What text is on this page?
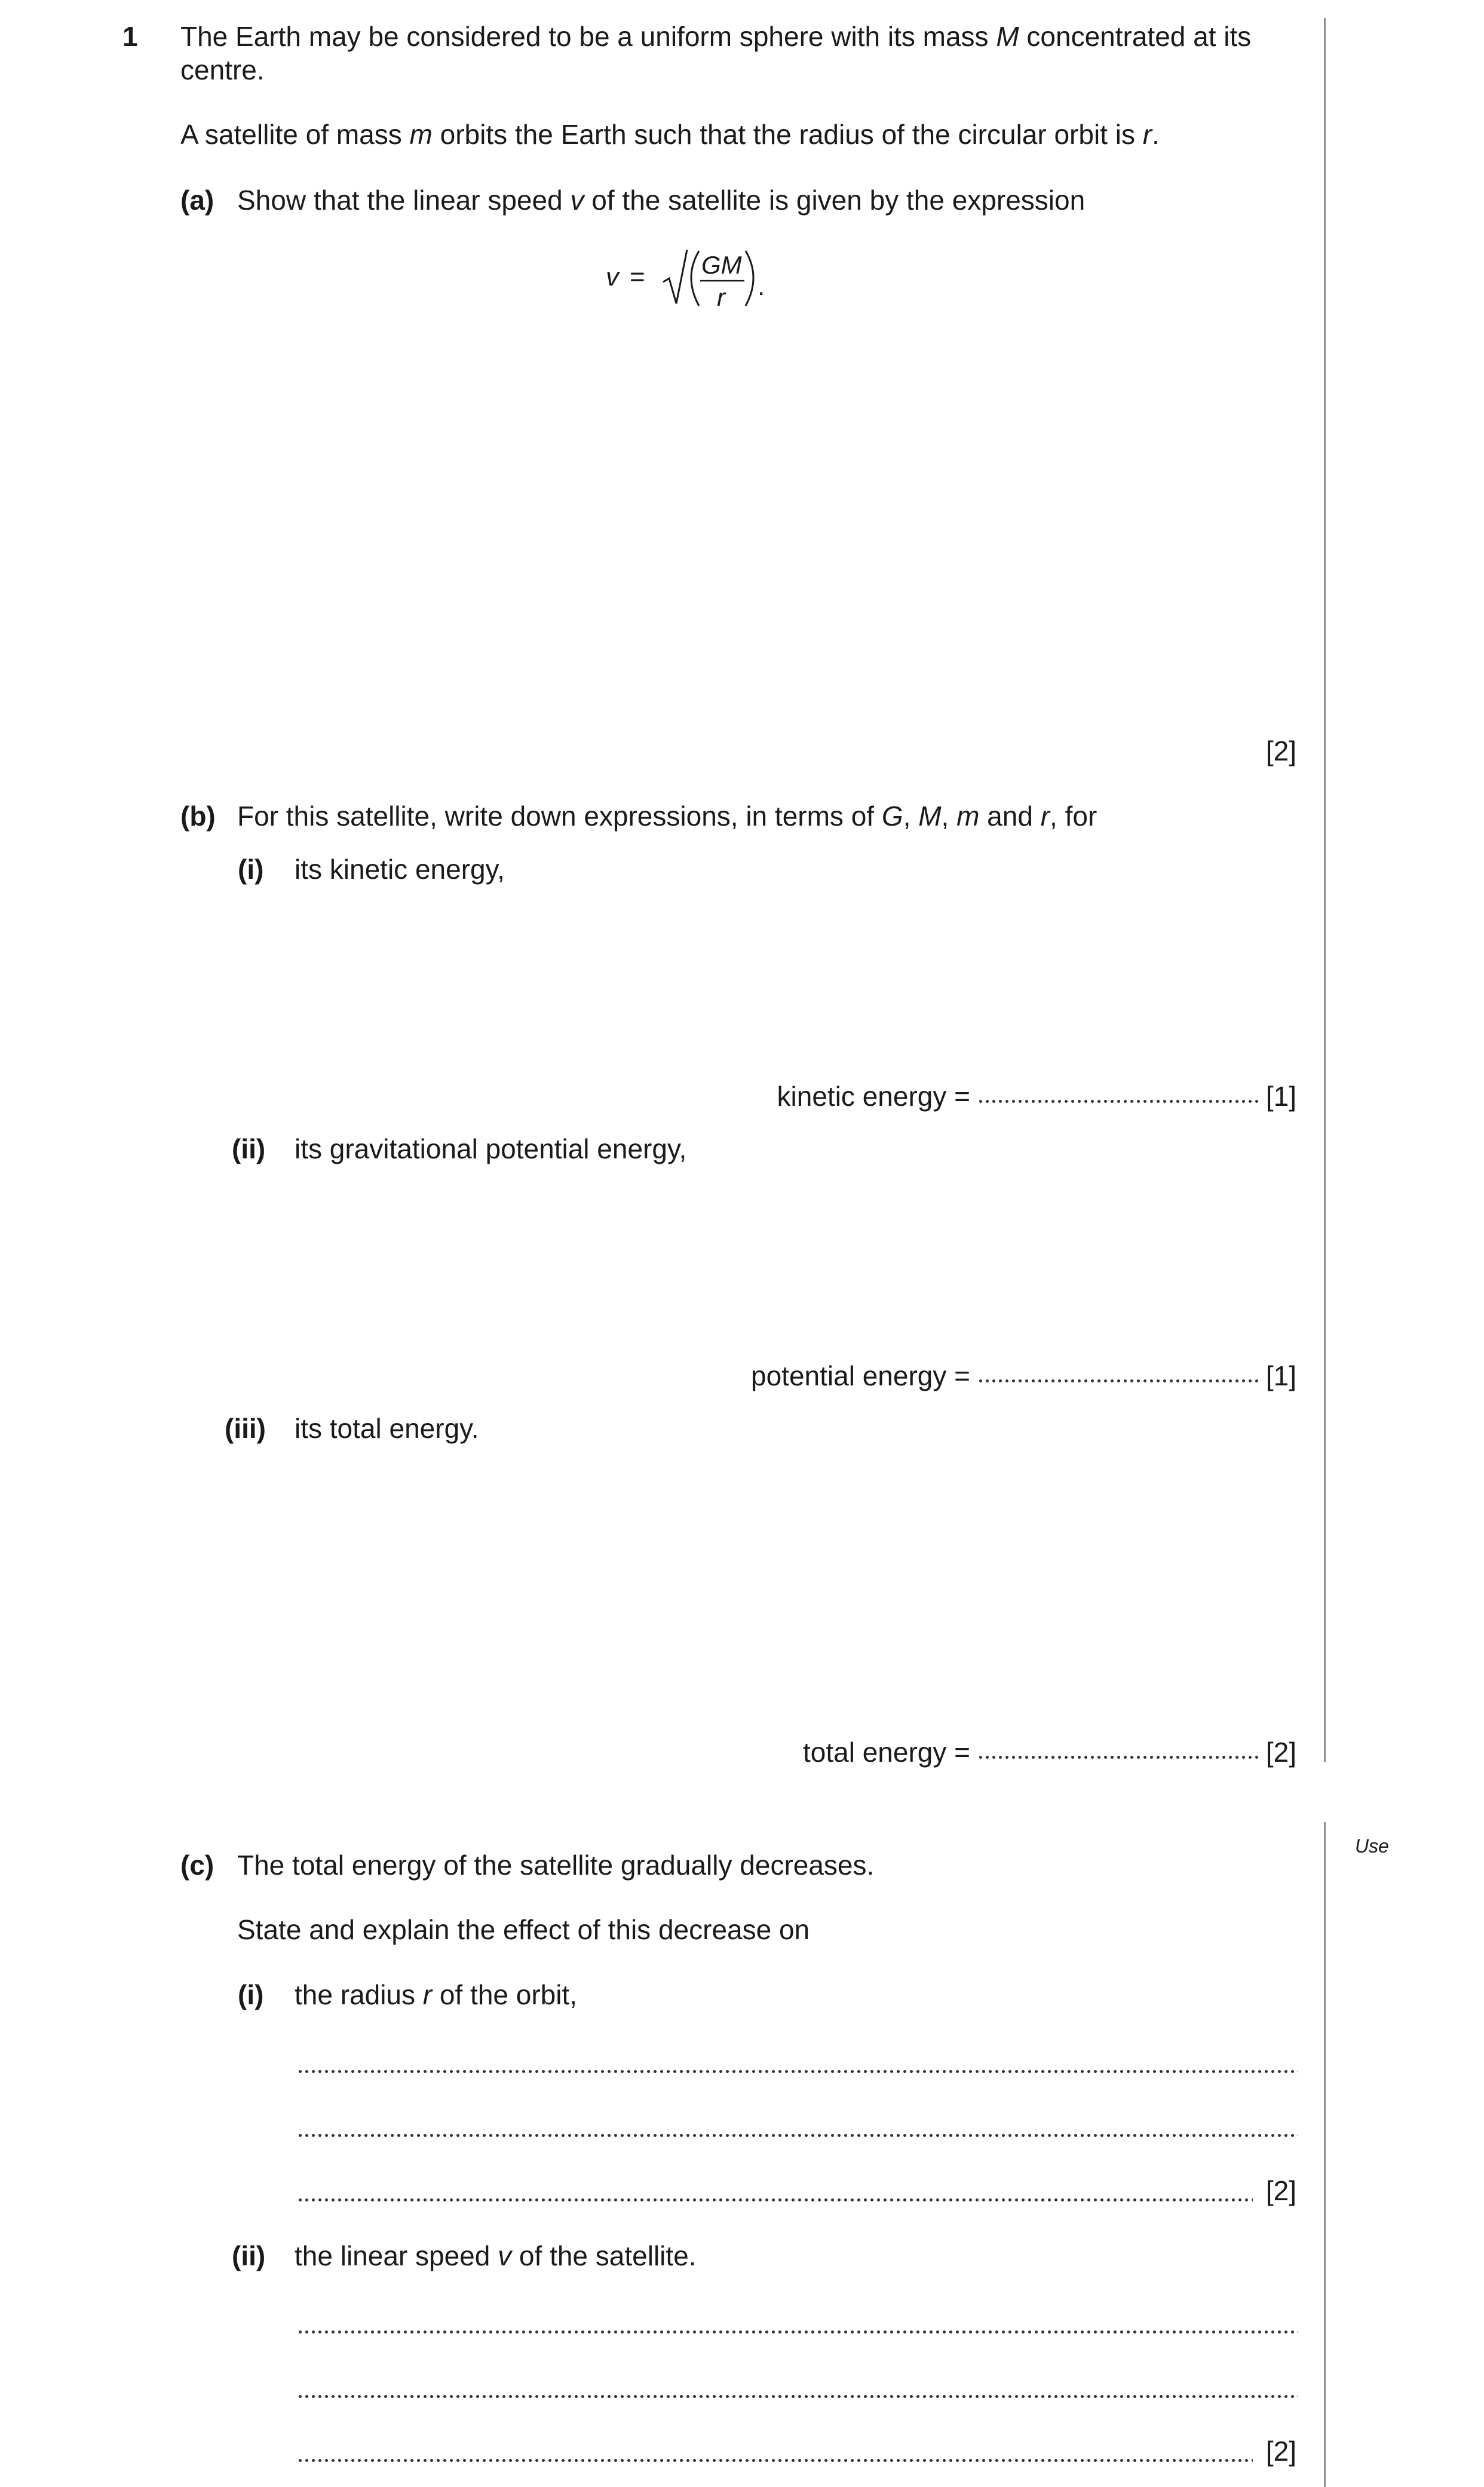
Use
1 The Earth may be considered to be a uniform sphere with its mass M concentrated at its
centre.
A satellite of mass m orbits the Earth such that the radius of the circular orbit is r.
(a) Show that the linear speed v of the satellite is given by the expression
v = GM
r .
[2]
(b) For this satellite, write down expressions, in terms of G, M, m and r, for
(i) its kinetic energy,
kinetic energy =	[1]
(ii) its gravitational potential energy,
potential energy =	[1]
(iii) its total energy.
total energy =	[2]
(c) The total energy of the satellite gradually decreases.
State and explain the effect of this decrease on
(i) the radius r of the orbit,
[2]
(ii) the linear speed v of the satellite.
[2]
